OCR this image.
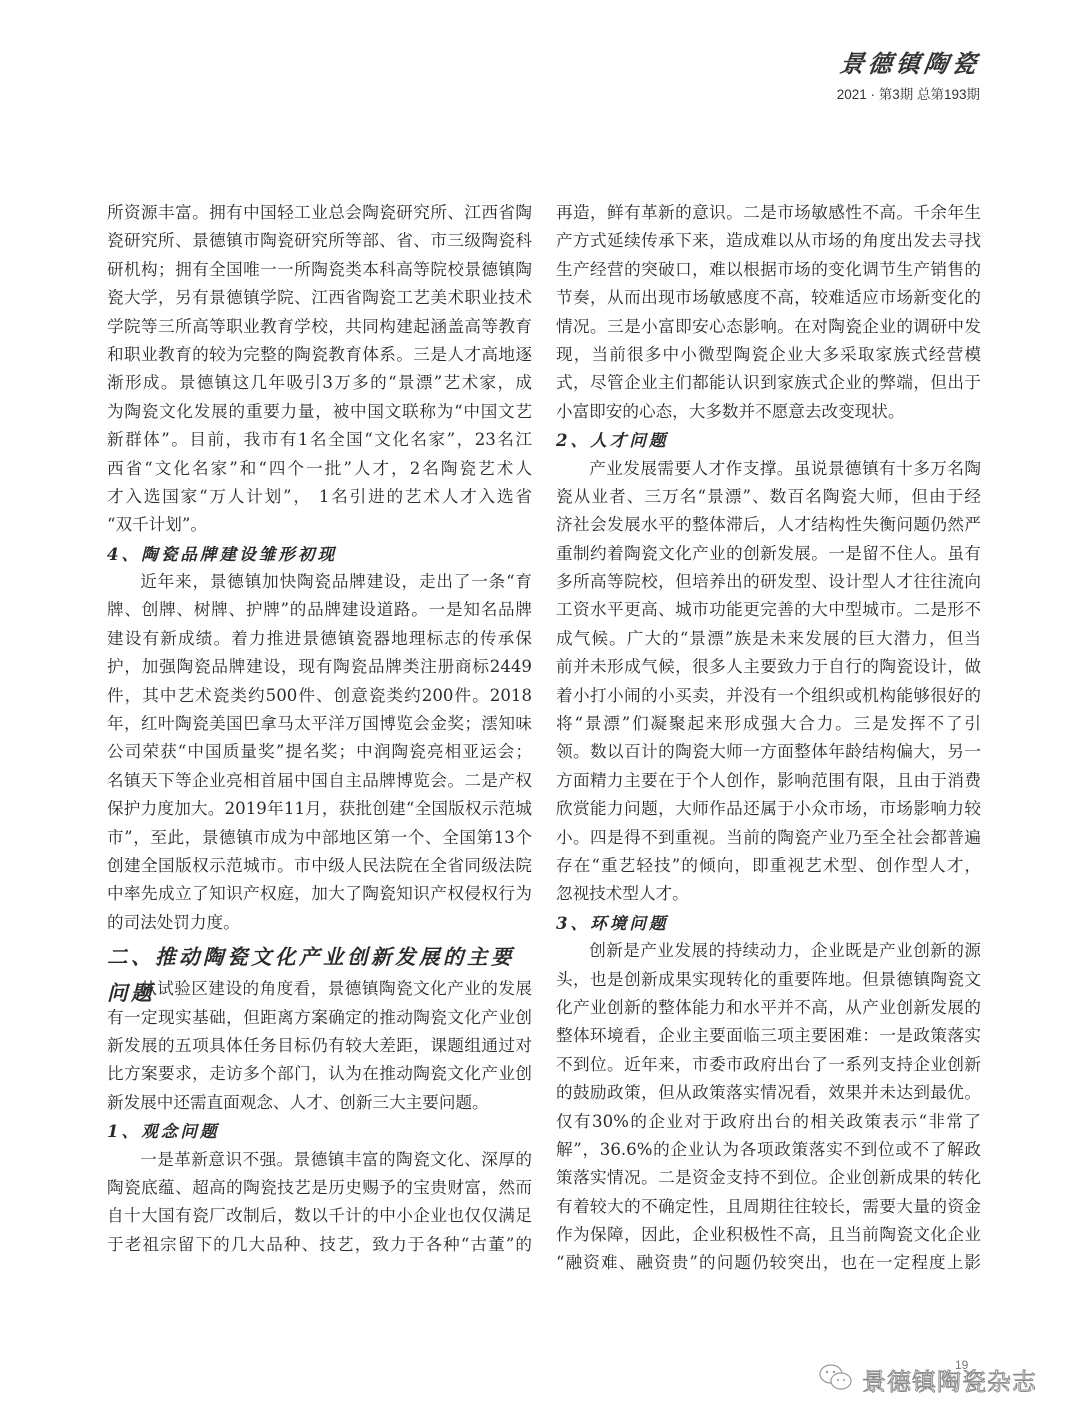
景德镇陶瓷
2021 · 第3期 总第193期
所资源丰富。拥有中国轻工业总会陶瓷研究所、江西省陶
瓷研究所、景德镇市陶瓷研究所等部、省、市三级陶瓷科
研机构；拥有全国唯一一所陶瓷类本科高等院校景德镇陶
瓷大学，另有景德镇学院、江西省陶瓷工艺美术职业技术
学院等三所高等职业教育学校，共同构建起涵盖高等教育
和职业教育的较为完整的陶瓷教育体系。三是人才高地逐
渐形成。景德镇这几年吸引3万多的“景漂”艺术家，成
为陶瓷文化发展的重要力量，被中国文联称为“中国文艺
新群体”。目前，我市有1名全国“文化名家”，23名江
西省“文化名家”和“四个一批”人才，2名陶瓷艺术人
才入选国家“万人计划”， 1名引进的艺术人才入选省
“双千计划”。
4、陶瓷品牌建设雏形初现
近年来，景德镇加快陶瓷品牌建设，走出了一条“育
牌、创牌、树牌、护牌”的品牌建设道路。一是知名品牌
建设有新成绩。着力推进景德镇瓷器地理标志的传承保
护，加强陶瓷品牌建设，现有陶瓷品牌类注册商标2449
件，其中艺术瓷类约500件、创意瓷类约200件。2018
年，红叶陶瓷美国巴拿马太平洋万国博览会金奖；澐知味
公司荣获“中国质量奖”提名奖；中润陶瓷亮相亚运会；
名镇天下等企业亮相首届中国自主品牌博览会。二是产权
保护力度加大。2019年11月，获批创建“全国版权示范城
市”，至此，景德镇市成为中部地区第一个、全国第13个
创建全国版权示范城市。市中级人民法院在全省同级法院
中率先成立了知识产权庭，加大了陶瓷知识产权侵权行为
的司法处罚力度。
二、推动陶瓷文化产业创新发展的主要问题
从试验区建设的角度看，景德镇陶瓷文化产业的发展
有一定现实基础，但距离方案确定的推动陶瓷文化产业创
新发展的五项具体任务目标仍有较大差距，课题组通过对
比方案要求，走访多个部门，认为在推动陶瓷文化产业创
新发展中还需直面观念、人才、创新三大主要问题。
1、观念问题
一是革新意识不强。景德镇丰富的陶瓷文化、深厚的
陶瓷底蕴、超高的陶瓷技艺是历史赐予的宝贵财富，然而
自十大国有瓷厂改制后，数以千计的中小企业也仅仅满足
于老祖宗留下的几大品种、技艺，致力于各种“古董”的
再造，鲜有革新的意识。二是市场敏感性不高。千余年生
产方式延续传承下来，造成难以从市场的角度出发去寻找
生产经营的突破口，难以根据市场的变化调节生产销售的
节奏，从而出现市场敏感度不高，较难适应市场新变化的
情况。三是小富即安心态影响。在对陶瓷企业的调研中发
现，当前很多中小微型陶瓷企业大多采取家族式经营模
式，尽管企业主们都能认识到家族式企业的弊端，但出于
小富即安的心态，大多数并不愿意去改变现状。
2、人才问题
产业发展需要人才作支撑。虽说景德镇有十多万名陶
瓷从业者、三万名“景漂”、数百名陶瓷大师，但由于经
济社会发展水平的整体滞后，人才结构性失衡问题仍然严
重制约着陶瓷文化产业的创新发展。一是留不住人。虽有
多所高等院校，但培养出的研发型、设计型人才往往流向
工资水平更高、城市功能更完善的大中型城市。二是形不
成气候。广大的“景漂”族是未来发展的巨大潜力，但当
前并未形成气候，很多人主要致力于自行的陶瓷设计，做
着小打小闹的小买卖，并没有一个组织或机构能够很好的
将“景漂”们凝聚起来形成强大合力。三是发挥不了引
领。数以百计的陶瓷大师一方面整体年龄结构偏大，另一
方面精力主要在于个人创作，影响范围有限，且由于消费
欣赏能力问题，大师作品还属于小众市场，市场影响力较
小。四是得不到重视。当前的陶瓷产业乃至全社会都普遍
存在“重艺轻技”的倾向，即重视艺术型、创作型人才，
忽视技术型人才。
3、环境问题
创新是产业发展的持续动力，企业既是产业创新的源
头，也是创新成果实现转化的重要阵地。但景德镇陶瓷文
化产业创新的整体能力和水平并不高，从产业创新发展的
整体环境看，企业主要面临三项主要困难：一是政策落实
不到位。近年来，市委市政府出台了一系列支持企业创新
的鼓励政策，但从政策落实情况看，效果并未达到最优。
仅有30%的企业对于政府出台的相关政策表示“非常了
解”，36.6%的企业认为各项政策落实不到位或不了解政
策落实情况。二是资金支持不到位。企业创新成果的转化
有着较大的不确定性，且周期往往较长，需要大量的资金
作为保障，因此，企业积极性不高，且当前陶瓷文化企业
“融资难、融资贵”的问题仍较突出，也在一定程度上影
19
景德镇陶瓷杂志
